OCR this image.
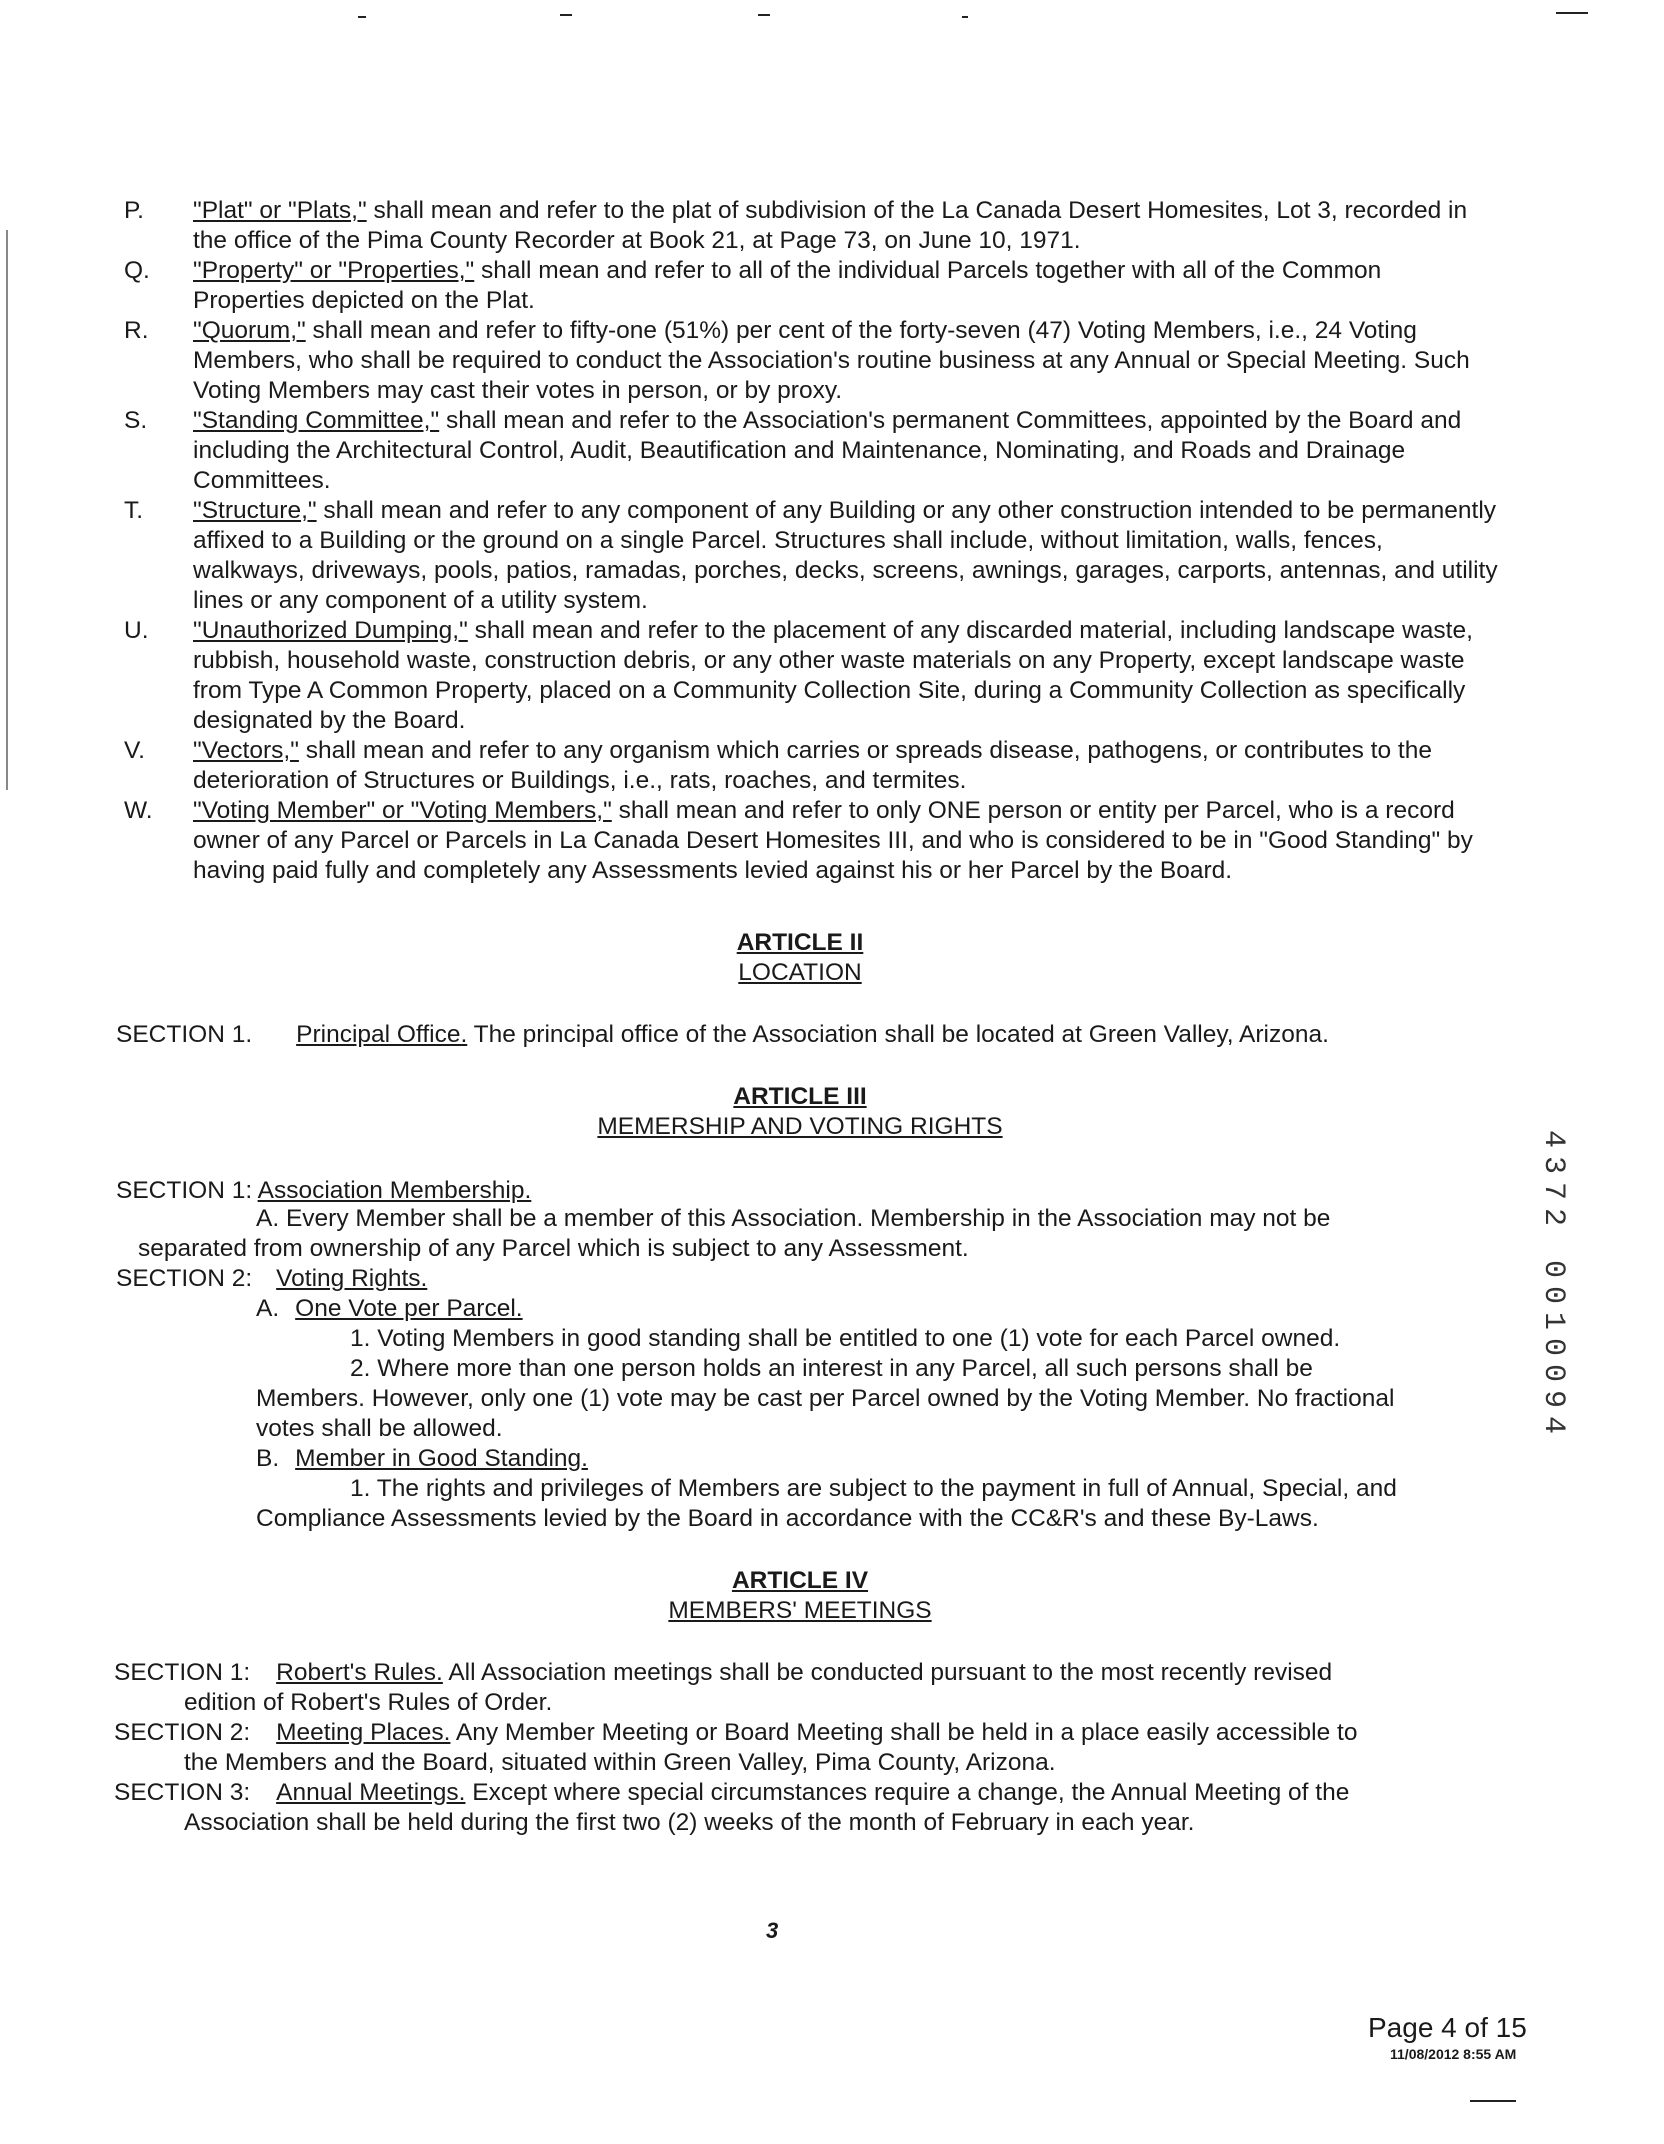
P.	"Plat" or "Plats," shall mean and refer to the plat of subdivision of the La Canada Desert Homesites, Lot 3, recorded in the office of the Pima County Recorder at Book 21, at Page 73, on June 10, 1971.
Q.	"Property" or "Properties," shall mean and refer to all of the individual Parcels together with all of the Common Properties depicted on the Plat.
R.	"Quorum," shall mean and refer to fifty-one (51%) per cent of the forty-seven (47) Voting Members, i.e., 24 Voting Members, who shall be required to conduct the Association's routine business at any Annual or Special Meeting. Such Voting Members may cast their votes in person, or by proxy.
S.	"Standing Committee," shall mean and refer to the Association's permanent Committees, appointed by the Board and including the Architectural Control, Audit, Beautification and Maintenance, Nominating, and Roads and Drainage Committees.
T.	"Structure," shall mean and refer to any component of any Building or any other construction intended to be permanently affixed to a Building or the ground on a single Parcel. Structures shall include, without limitation, walls, fences, walkways, driveways, pools, patios, ramadas, porches, decks, screens, awnings, garages, carports, antennas, and utility lines or any component of a utility system.
U.	"Unauthorized Dumping," shall mean and refer to the placement of any discarded material, including landscape waste, rubbish, household waste, construction debris, or any other waste materials on any Property, except landscape waste from Type A Common Property, placed on a Community Collection Site, during a Community Collection as specifically designated by the Board.
V.	"Vectors," shall mean and refer to any organism which carries or spreads disease, pathogens, or contributes to the deterioration of Structures or Buildings, i.e., rats, roaches, and termites.
W.	"Voting Member" or "Voting Members," shall mean and refer to only ONE person or entity per Parcel, who is a record owner of any Parcel or Parcels in La Canada Desert Homesites III, and who is considered to be in "Good Standing" by having paid fully and completely any Assessments levied against his or her Parcel by the Board.
ARTICLE II
LOCATION
SECTION 1. Principal Office. The principal office of the Association shall be located at Green Valley, Arizona.
ARTICLE III
MEMERSHIP AND VOTING RIGHTS
SECTION 1: Association Membership.
A. Every Member shall be a member of this Association. Membership in the Association may not be
separated from ownership of any Parcel which is subject to any Assessment.
SECTION 2: Voting Rights.
A. One Vote per Parcel.
1. Voting Members in good standing shall be entitled to one (1) vote for each Parcel owned.
2. Where more than one person holds an interest in any Parcel, all such persons shall be
Members. However, only one (1) vote may be cast per Parcel owned by the Voting Member. No fractional
votes shall be allowed.
B. Member in Good Standing.
1. The rights and privileges of Members are subject to the payment in full of Annual, Special, and
Compliance Assessments levied by the Board in accordance with the CC&R's and these By-Laws.
ARTICLE IV
MEMBERS' MEETINGS
SECTION 1: Robert's Rules. All Association meetings shall be conducted pursuant to the most recently revised
edition of Robert's Rules of Order.
SECTION 2: Meeting Places. Any Member Meeting or Board Meeting shall be held in a place easily accessible to
the Members and the Board, situated within Green Valley, Pima County, Arizona.
SECTION 3: Annual Meetings. Except where special circumstances require a change, the Annual Meeting of the
Association shall be held during the first two (2) weeks of the month of February in each year.
4372 0010094
3
Page 4 of 15
11/08/2012 8:55 AM
